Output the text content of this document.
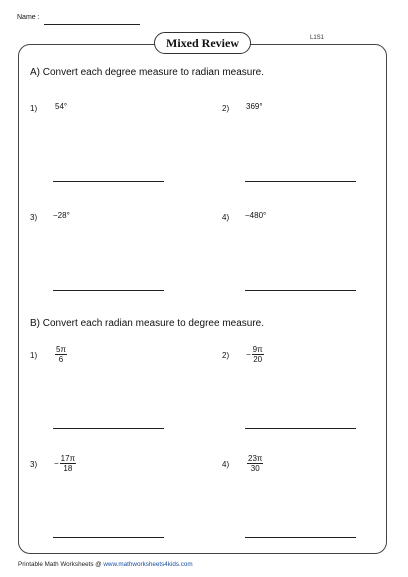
Name :
L1S1
Mixed Review
A) Convert each degree measure to radian measure.
1) 54°	2) 369°
3) −28°	4) −480°
B) Convert each radian measure to degree measure.
$1) \frac{5\pi}{6}$	$2) - \frac{9\pi}{20}$
$3) - \frac{17\pi}{18}$	$4) \frac{23\pi}{30}$
Printable Math Worksheets @ www.mathworksheets4kids.com
